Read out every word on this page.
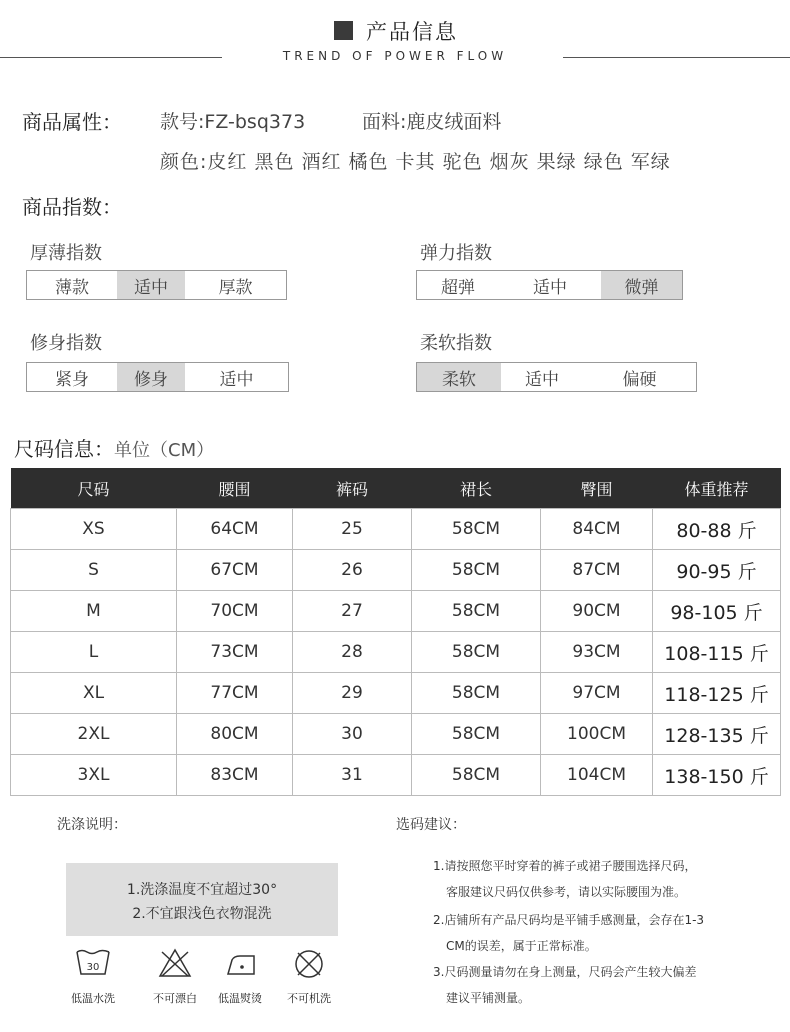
产品信息
TREND OF POWER FLOW
商品属性： 款号:FZ-bsq373	面料:鹿皮绒面料
颜色:皮红 黑色 酒红 橘色 卡其 驼色 烟灰 果绿 绿色 军绿
商品指数：
厚薄指数
薄款	适中	厚款
弹力指数
超弹	适中	微弹
修身指数
紧身	修身	适中
柔软指数
柔软	适中	偏硬
尺码信息：单位（CM）
尺码	腰围	裤码	裙长	臀围	体重推荐
XS	64CM	25	58CM	84CM	80-88 斤
S	67CM	26	58CM	87CM	90-95 斤
M	70CM	27	58CM	90CM	98-105 斤
L	73CM	28	58CM	93CM	108-115 斤
XL	77CM	29	58CM	97CM	118-125 斤
2XL	80CM	30	58CM	100CM	128-135 斤
3XL	83CM	31	58CM	104CM	138-150 斤
洗涤说明：
1.洗涤温度不宜超过30°
2.不宜跟浅色衣物混洗
30
低温水洗	不可漂白	低温熨烫	不可机洗
选码建议：
1.请按照您平时穿着的裤子或裙子腰围选择尺码，
客服建议尺码仅供参考，请以实际腰围为准。
2.店铺所有产品尺码均是平铺手感测量，会存在1-3
CM的误差，属于正常标准。
3.尺码测量请勿在身上测量，尺码会产生较大偏差
建议平铺测量。
